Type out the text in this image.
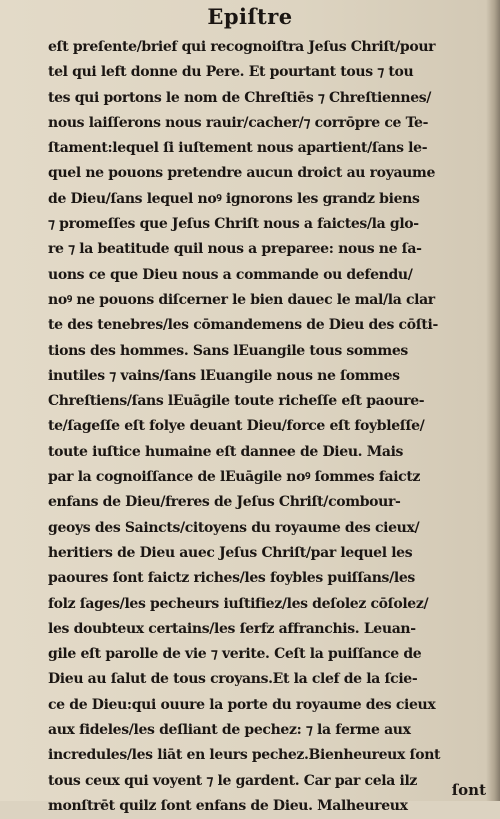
Epiſtre
eſt preſente/brief qui recognoiſtra Jeſus Chriſt/pour
tel qui left donne du Pere. Et pourtant tous ⁊ tou
tes qui portons le nom de Chreſtiēs ⁊ Chreſtiennes/
nous laiſſerons nous rauir/cacher/⁊ corrōpre ce Te-
ſtament:lequel ſi iuſtement nous apartient/ſans le-
quel ne pouons pretendre aucun droict au royaume
de Dieu/ſans lequel noꝰ ignorons les grandz biens
⁊ promeſſes que Jeſus Chriſt nous a faictes/la glo-
re ⁊ la beatitude quil nous a preparee: nous ne ſa-
uons ce que Dieu nous a commande ou defendu/
noꝰ ne pouons diſcerner le bien dauec le mal/la clar
te des tenebres/les cōmandemens de Dieu des cōſti-
tions des hommes. Sans lEuangile tous sommes
inutiles ⁊ vains/ſans lEuangile nous ne ſommes
Chreſtiens/ſans lEuāgile toute richeſſe eſt paoure-
te/ſageſſe eſt folye deuant Dieu/force eſt foybleſſe/
toute iuſtice humaine eſt dannee de Dieu. Mais
par la cognoiſſance de lEuāgile noꝰ ſommes faictz
enfans de Dieu/freres de Jeſus Chriſt/combour-
geoys des Saincts/citoyens du royaume des cieux/
heritiers de Dieu auec Jeſus Chriſt/par lequel les
paoures ſont faictz riches/les foybles puiſſans/les
folz ſages/les pecheurs iuſtifiez/les deſolez cōſolez/
les doubteux certains/les ſerfz affranchis. Leuan-
gile eſt parolle de vie ⁊ verite. Ceſt la puiſſance de
Dieu au ſalut de tous croyans.Et la clef de la ſcie-
ce de Dieu:qui ouure la porte du royaume des cieux
aux fideles/les deſliant de pechez: ⁊ la ferme aux
incredules/les liāt en leurs pechez.Bienheureux ſont
tous ceux qui voyent ⁊ le gardent. Car par cela ilz
monſtrēt quilz ſont enfans de Dieu. Malheureux
ſont
